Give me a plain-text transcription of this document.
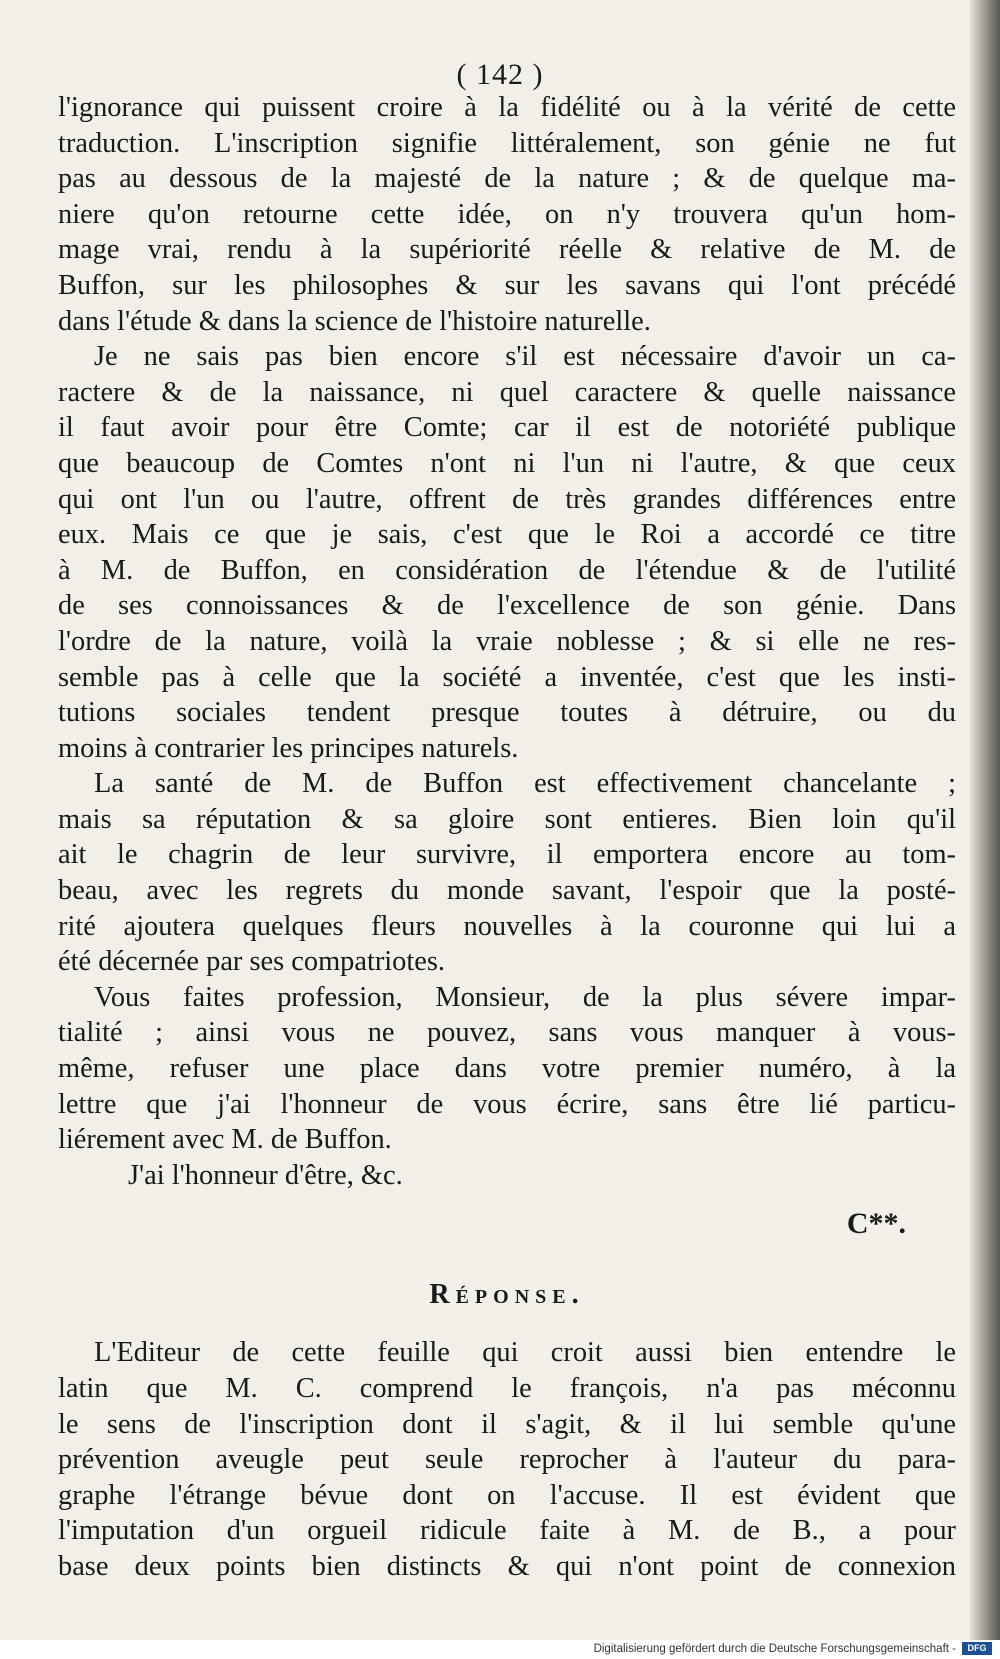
( 142 )
l'ignorance qui puissent croire à la fidélité ou à la vérité de cette
traduction. L'inscription signifie littéralement, son génie ne fut
pas au dessous de la majesté de la nature ; & de quelque ma-
niere qu'on retourne cette idée, on n'y trouvera qu'un hom-
mage vrai, rendu à la supériorité réelle & relative de M. de
Buffon, sur les philosophes & sur les savans qui l'ont précédé
dans l'étude & dans la science de l'histoire naturelle.
Je ne sais pas bien encore s'il est nécessaire d'avoir un ca-
ractere & de la naissance, ni quel caractere & quelle naissance
il faut avoir pour être Comte; car il est de notoriété publique
que beaucoup de Comtes n'ont ni l'un ni l'autre, & que ceux
qui ont l'un ou l'autre, offrent de très grandes différences entre
eux. Mais ce que je sais, c'est que le Roi a accordé ce titre
à M. de Buffon, en considération de l'étendue & de l'utilité
de ses connoissances & de l'excellence de son génie. Dans
l'ordre de la nature, voilà la vraie noblesse ; & si elle ne res-
semble pas à celle que la société a inventée, c'est que les insti-
tutions sociales tendent presque toutes à détruire, ou du
moins à contrarier les principes naturels.
La santé de M. de Buffon est effectivement chancelante ;
mais sa réputation & sa gloire sont entieres. Bien loin qu'il
ait le chagrin de leur survivre, il emportera encore au tom-
beau, avec les regrets du monde savant, l'espoir que la posté-
rité ajoutera quelques fleurs nouvelles à la couronne qui lui a
été décernée par ses compatriotes.
Vous faites profession, Monsieur, de la plus sévere impar-
tialité ; ainsi vous ne pouvez, sans vous manquer à vous-
même, refuser une place dans votre premier numéro, à la
lettre que j'ai l'honneur de vous écrire, sans être lié particu-
liérement avec M. de Buffon.
J'ai l'honneur d'être, &c.
C**.
Réponse.
L'Editeur de cette feuille qui croit aussi bien entendre le
latin que M. C. comprend le françois, n'a pas méconnu
le sens de l'inscription dont il s'agit, & il lui semble qu'une
prévention aveugle peut seule reprocher à l'auteur du para-
graphe l'étrange bévue dont on l'accuse. Il est évident que
l'imputation d'un orgueil ridicule faite à M. de B., a pour
base deux points bien distincts & qui n'ont point de connexion
Digitalisierung gefördert durch die Deutsche Forschungsgemeinschaft - DFG
